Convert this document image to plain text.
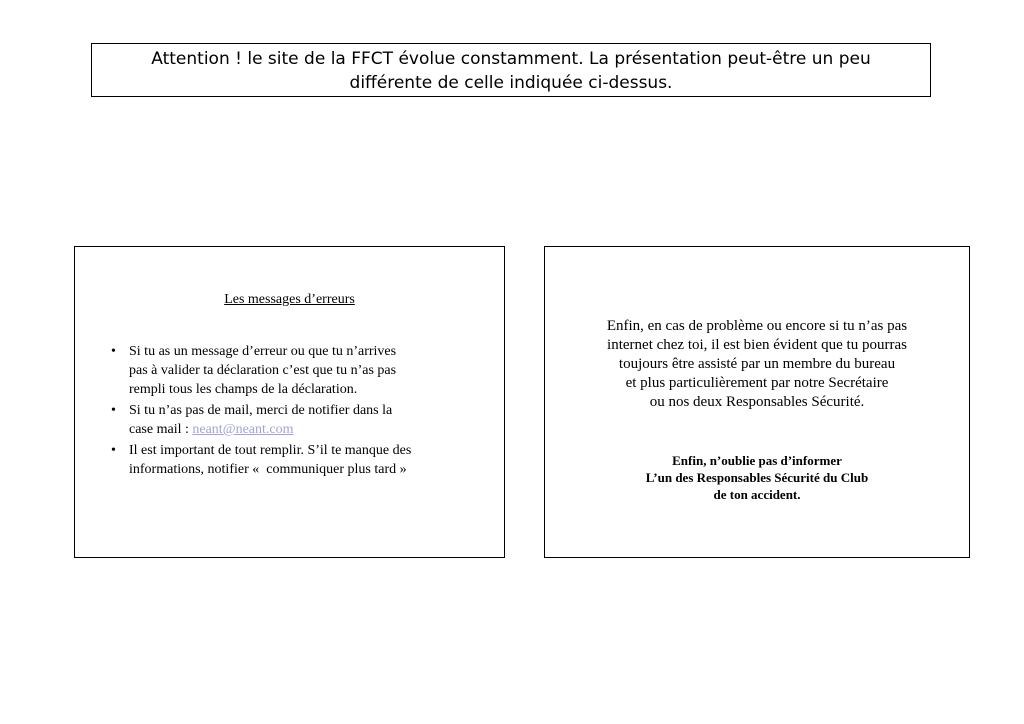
Attention ! le site de la FFCT évolue constamment. La présentation peut-être un peu
différente de celle indiquée ci-dessus.
Les messages d’erreurs
• Si tu as un message d’erreur ou que tu n’arrives
pas à valider ta déclaration c’est que tu n’as pas
rempli tous les champs de la déclaration.
• Si tu n’as pas de mail, merci de notifier dans la
case mail : neant@neant.com
• Il est important de tout remplir. S’il te manque des
informations, notifier «  communiquer plus tard »
Enfin, en cas de problème ou encore si tu n’as pas
internet chez toi, il est bien évident que tu pourras
toujours être assisté par un membre du bureau
et plus particulièrement par notre Secrétaire
ou nos deux Responsables Sécurité.
Enfin, n’oublie pas d’informer
L’un des Responsables Sécurité du Club
de ton accident.
